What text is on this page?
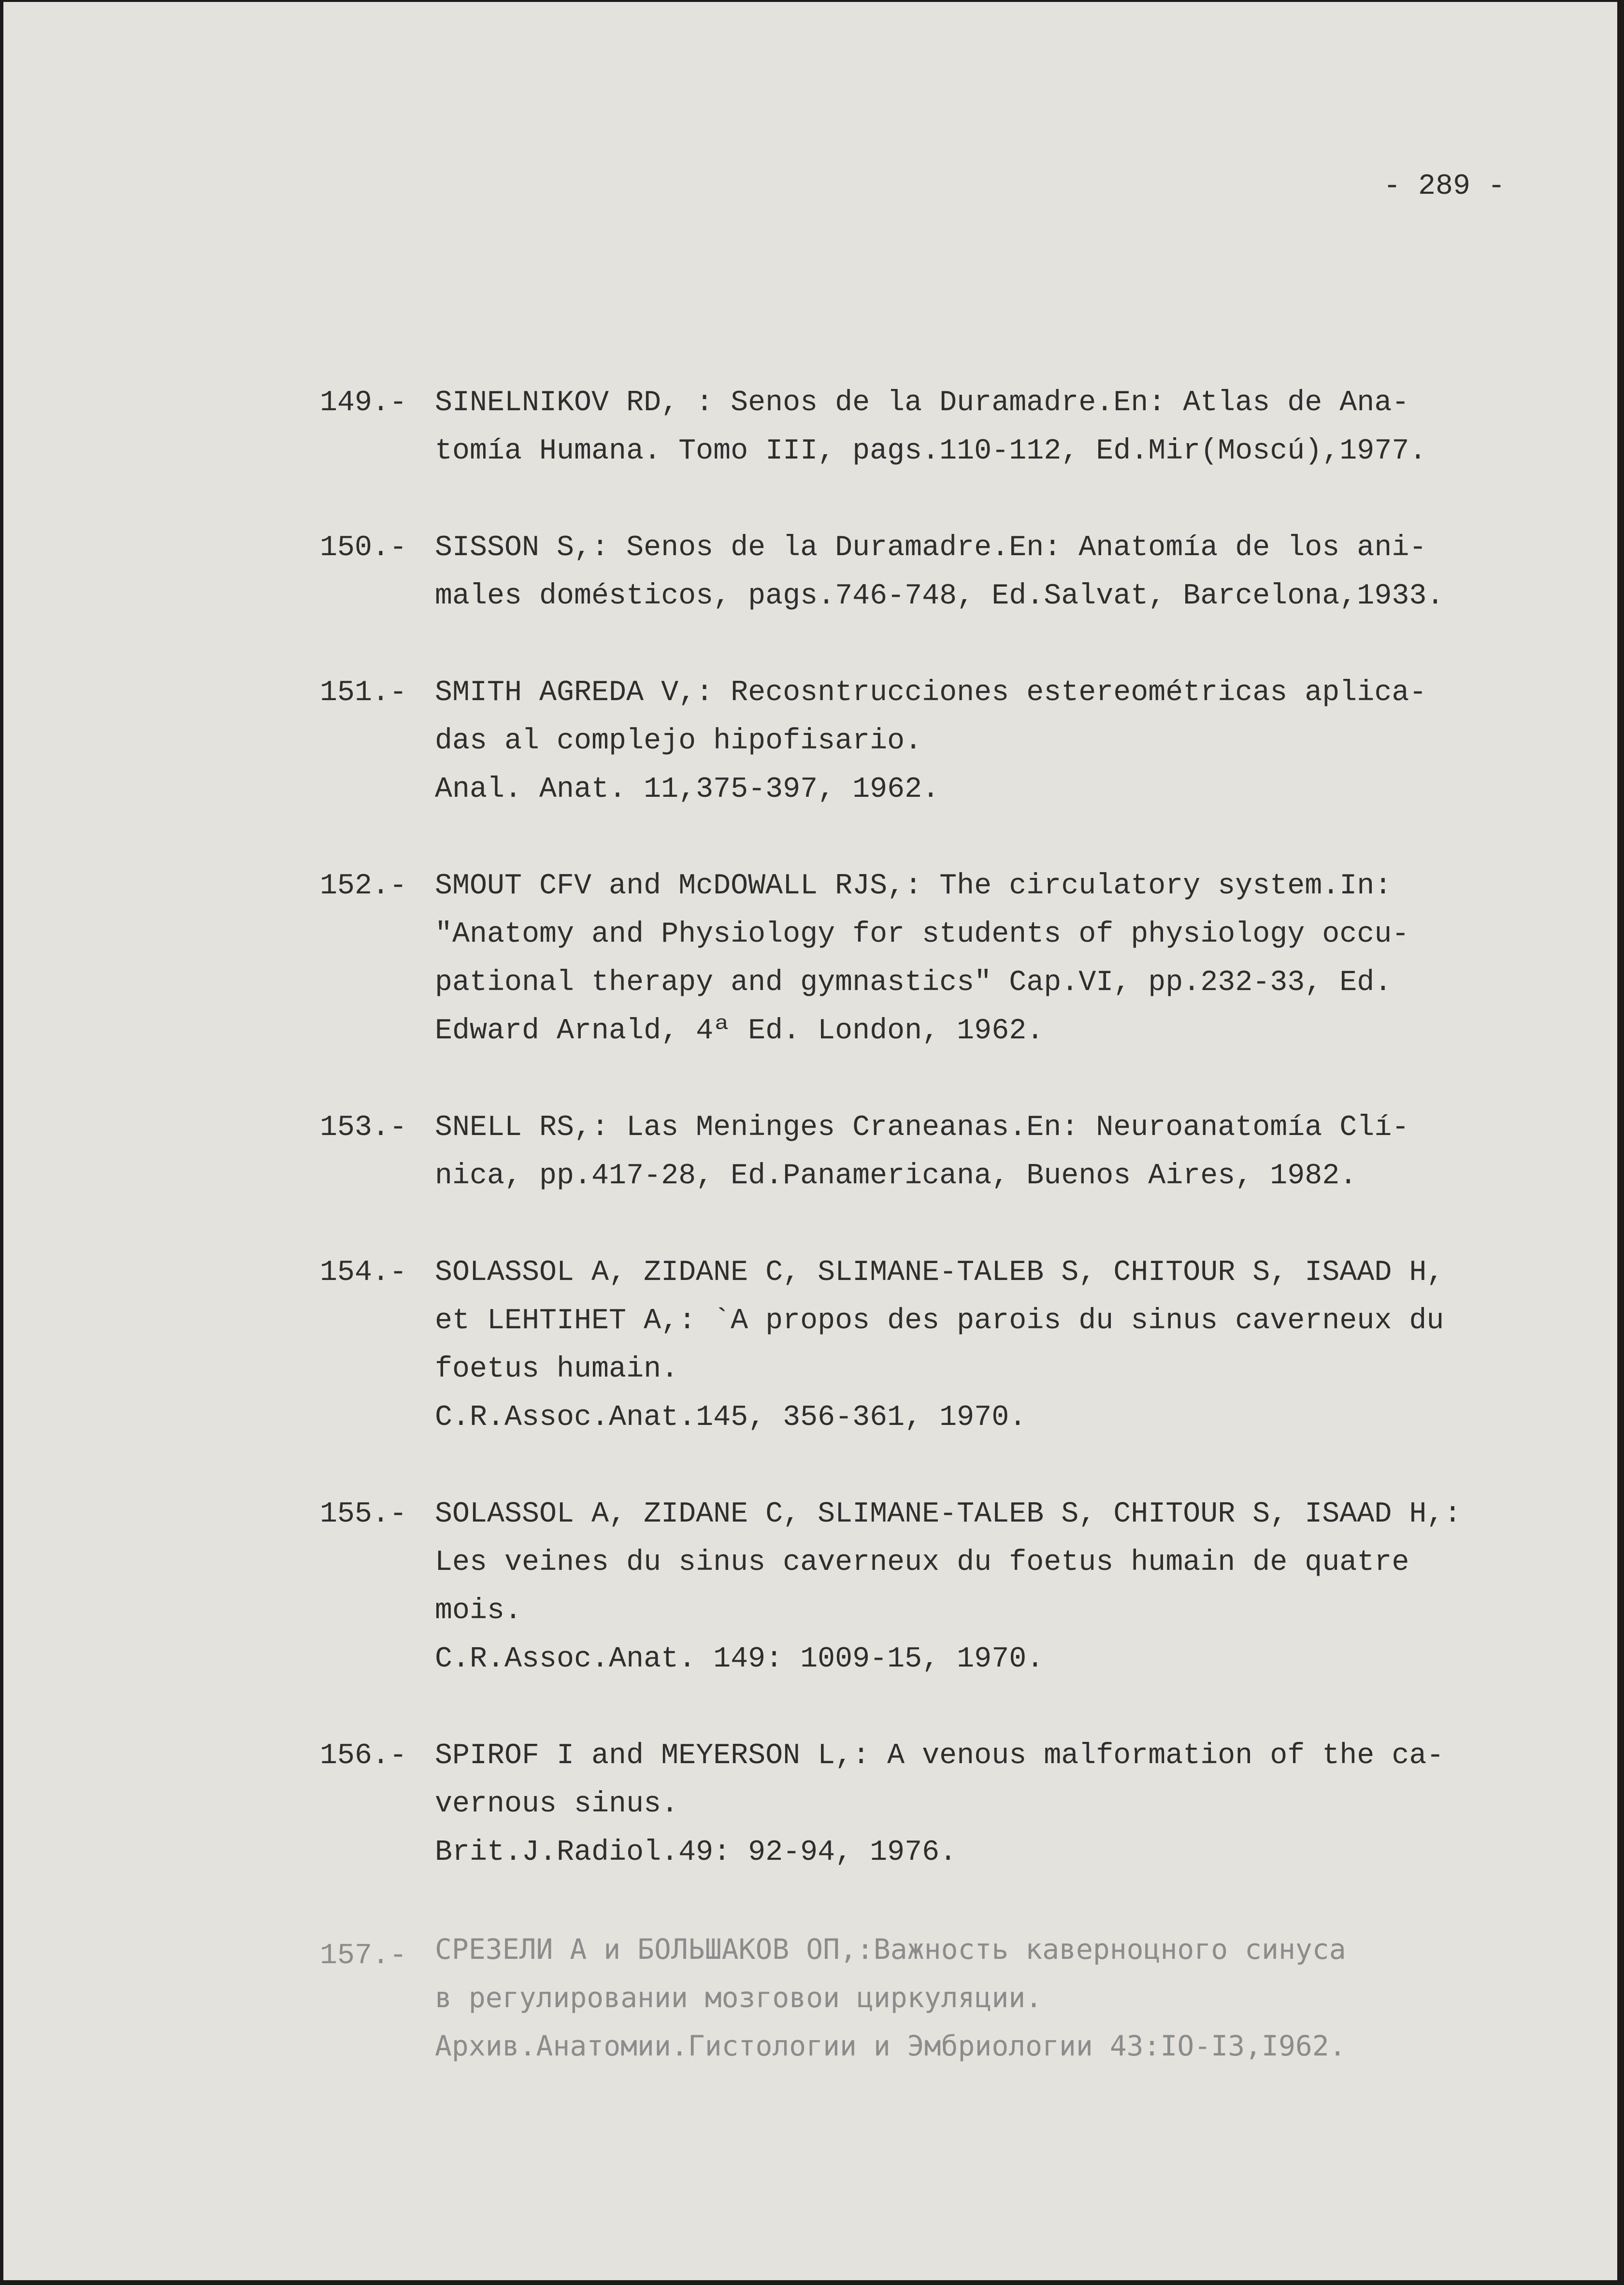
- 289 -
149.- SINELNIKOV RD, : Senos de la Duramadre.En: Atlas de Ana-
tomía Humana. Tomo III, pags.110-112, Ed.Mir(Moscú),1977.
150.- SISSON S,: Senos de la Duramadre.En: Anatomía de los ani-
males domésticos, pags.746-748, Ed.Salvat, Barcelona,1933.
151.- SMITH AGREDA V,: Recosntrucciones estereométricas aplica-
das al complejo hipofisario.
Anal. Anat. 11,375-397, 1962.
152.- SMOUT CFV and McDOWALL RJS,: The circulatory system.In:
"Anatomy and Physiology for students of physiology occu-
pational therapy and gymnastics" Cap.VI, pp.232-33, Ed.
Edward Arnald, 4ª Ed. London, 1962.
153.- SNELL RS,: Las Meninges Craneanas.En: Neuroanatomía Clí-
nica, pp.417-28, Ed.Panamericana, Buenos Aires, 1982.
154.- SOLASSOL A, ZIDANE C, SLIMANE-TALEB S, CHITOUR S, ISAAD H,
et LEHTIHET A,: `A propos des parois du sinus caverneux du
foetus humain.
C.R.Assoc.Anat.145, 356-361, 1970.
155.- SOLASSOL A, ZIDANE C, SLIMANE-TALEB S, CHITOUR S, ISAAD H,:
Les veines du sinus caverneux du foetus humain de quatre
mois.
C.R.Assoc.Anat. 149: 1009-15, 1970.
156.- SPIROF I and MEYERSON L,: A venous malformation of the ca-
vernous sinus.
Brit.J.Radiol.49: 92-94, 1976.
157.- СРЕЗЕЛИ А и БОЛЬШАКОВ ОП,:Важность каверноцного синуса
в регулировании мозговои циркуляции.
Архив.Анатомии.Гистологии и Эмбриологии 43:IO-I3,I962.
